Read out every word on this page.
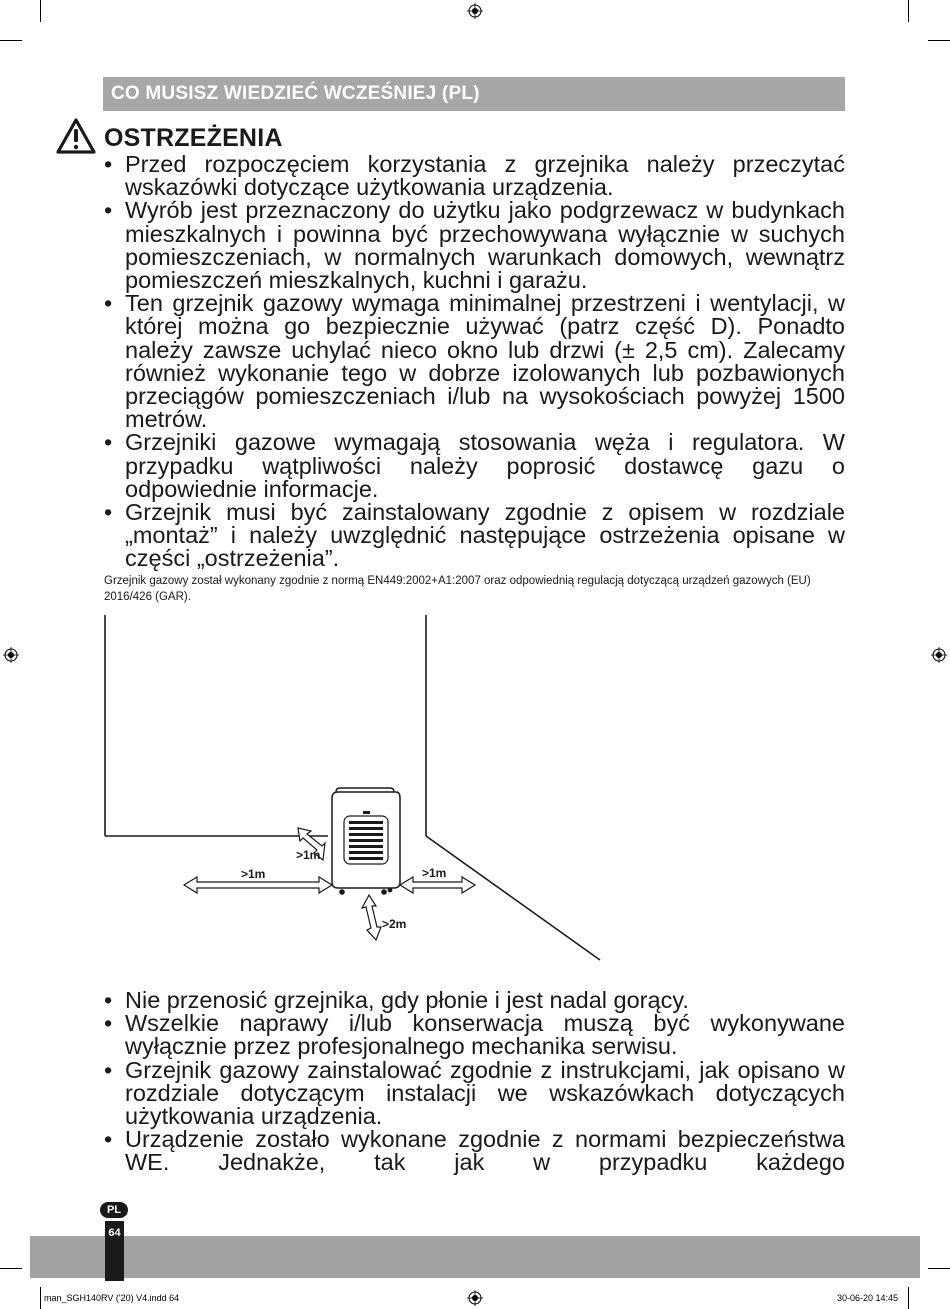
CO MUSISZ WIEDZIEĆ WCZEŚNIEJ (PL)
OSTRZEŻENIA
• Przed rozpoczęciem korzystania z grzejnika należy przeczytać wskazówki dotyczące użytkowania urządzenia.
• Wyrób jest przeznaczony do użytku jako podgrzewacz w budynkach mieszkalnych i powinna być przechowywana wyłącznie w suchych pomieszczeniach, w normalnych warunkach domowych, wewnątrz pomieszczeń mieszkalnych, kuchni i garażu.
• Ten grzejnik gazowy wymaga minimalnej przestrzeni i wentylacji, w której można go bezpiecznie używać (patrz część D). Ponadto należy zawsze uchylać nieco okno lub drzwi (± 2,5 cm). Zalecamy również wykonanie tego w dobrze izolowanych lub pozbawionych przeciągów pomieszczeniach i/lub na wysokościach powyżej 1500 metrów.
• Grzejniki gazowe wymagają stosowania węża i regulatora. W przypadku wątpliwości należy poprosić dostawcę gazu o odpowiednie informacje.
• Grzejnik musi być zainstalowany zgodnie z opisem w rozdziale „montaż” i należy uwzględnić następujące ostrzeżenia opisane w części „ostrzeżenia”.
Grzejnik gazowy został wykonany zgodnie z normą EN449:2002+A1:2007 oraz odpowiednią regulacją dotyczącą urządzeń gazowych (EU) 2016/426 (GAR).
>1m
>1m
>1m
>2m
• Nie przenosić grzejnika, gdy płonie i jest nadal gorący.
• Wszelkie naprawy i/lub konserwacja muszą być wykonywane wyłącznie przez profesjonalnego mechanika serwisu.
• Grzejnik gazowy zainstalować zgodnie z instrukcjami, jak opisano w rozdziale dotyczącym instalacji we wskazówkach dotyczących użytkowania urządzenia.
• Urządzenie zostało wykonane zgodnie z normami bezpieczeństwa WE. Jednakże, tak jak w przypadku każdego
PL
64
man_SGH140RV ('20) V4.indd 64	30-06-20 14:45
